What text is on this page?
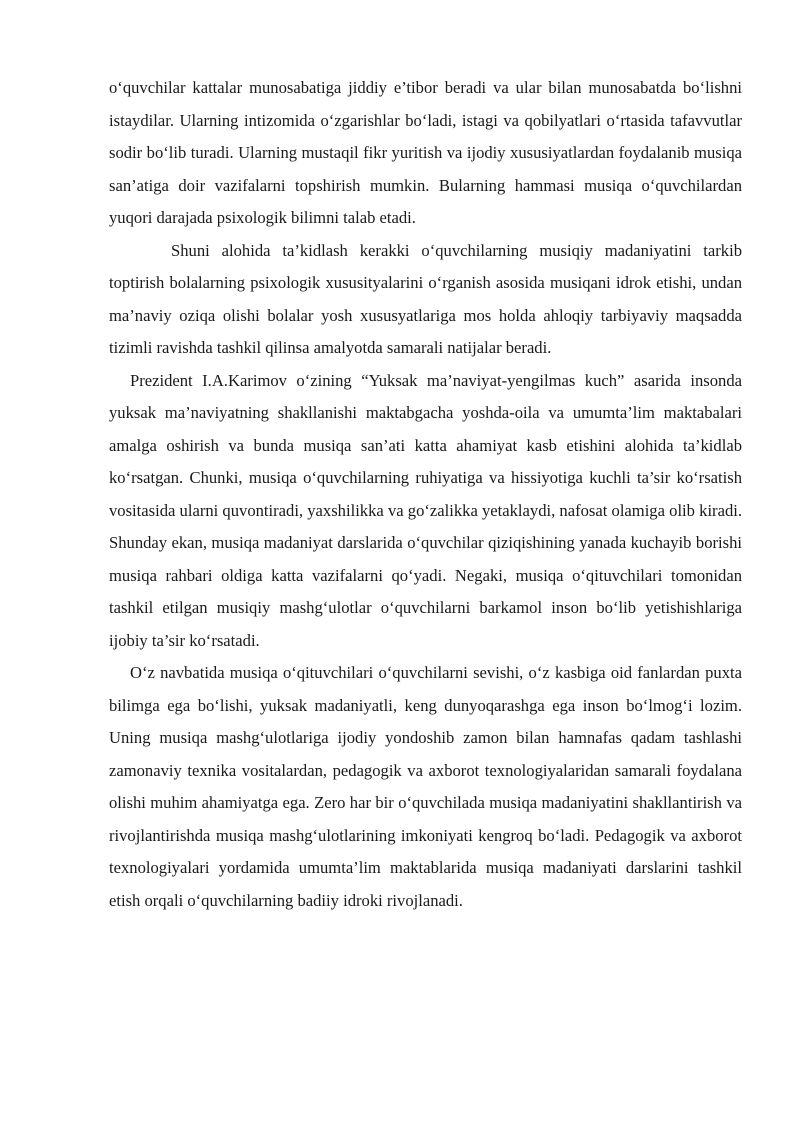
o‘quvchilar kattalar munosabatiga jiddiy e’tibor beradi va ular bilan munosabatda bo‘lishni istaydilar. Ularning intizomida o‘zgarishlar bo‘ladi, istagi va qobilyatlari o‘rtasida tafavvutlar sodir bo‘lib turadi. Ularning mustaqil fikr yuritish va ijodiy xususiyatlardan foydalanib musiqa san’atiga doir vazifalarni topshirish mumkin. Bularning hammasi musiqa o‘quvchilardan yuqori darajada psixologik bilimni talab etadi.

Shuni alohida ta’kidlash kerakki o‘quvchilarning musiqiy madaniyatini tarkib toptirish bolalarning psixologik xususityalarini o‘rganish asosida musiqani idrok etishi, undan ma’naviy oziqa olishi bolalar yosh xususyatlariga mos holda ahloqiy tarbiyaviy maqsadda tizimli ravishda tashkil qilinsa amalyotda samarali natijalar beradi.

Prezident I.A.Karimov o‘zining “Yuksak ma’naviyat-yengilmas kuch” asarida insonda yuksak ma’naviyatning shakllanishi maktabgacha yoshda-oila va umumta’lim maktabalari amalga oshirish va bunda musiqa san’ati katta ahamiyat kasb etishini alohida ta’kidlab ko‘rsatgan. Chunki, musiqa o‘quvchilarning ruhiyatiga va hissiyotiga kuchli ta’sir ko‘rsatish vositasida ularni quvontiradi, yaxshilikka va go‘zalikka yetaklaydi, nafosat olamiga olib kiradi. Shunday ekan, musiqa madaniyat darslarida o‘quvchilar qiziqishining yanada kuchayib borishi musiqa rahbari oldiga katta vazifalarni qo‘yadi. Negaki, musiqa o‘qituvchilari tomonidan tashkil etilgan musiqiy mashg‘ulotlar o‘quvchilarni barkamol inson bo‘lib yetishishlariga ijobiy ta’sir ko‘rsatadi.

O‘z navbatida musiqa o‘qituvchilari o‘quvchilarni sevishi, o‘z kasbiga oid fanlardan puxta bilimga ega bo‘lishi, yuksak madaniyatli, keng dunyoqarashga ega inson bo‘lmog‘i lozim. Uning musiqa mashg‘ulotlariga ijodiy yondoshib zamon bilan hamnafas qadam tashlashi zamonaviy texnika vositalardan, pedagogik va axborot texnologiyalaridan samarali foydalana olishi muhim ahamiyatga ega. Zero har bir o‘quvchilada musiqa madaniyatini shakllantirish va rivojlantirishda musiqa mashg‘ulotlarining imkoniyati kengroq bo‘ladi. Pedagogik va axborot texnologiyalari yordamida umumta’lim maktablarida musiqa madaniyati darslarini tashkil etish orqali o‘quvchilarning badiiy idroki rivojlanadi.
